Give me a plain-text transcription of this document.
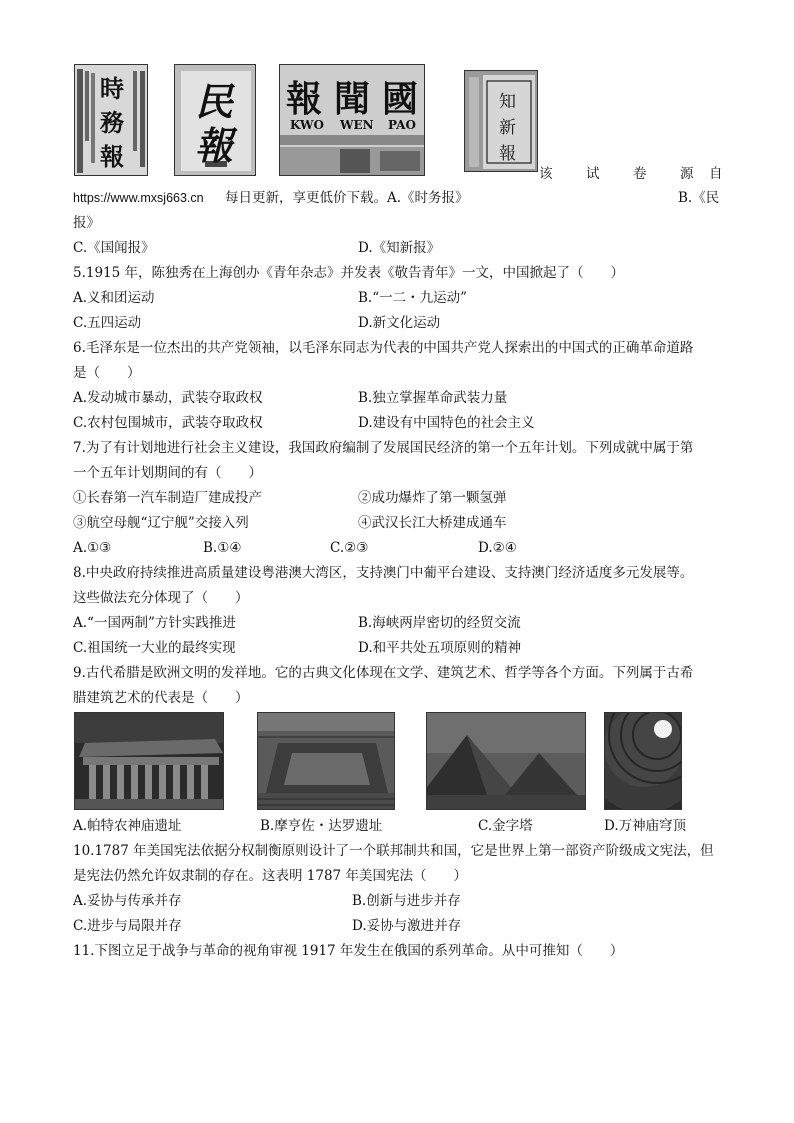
時
務
報
民
報
報 聞 國
KWO WEN PAO
知
新
報
该 试 卷 源 自
https://www.mxsj663.cn 每日更新，享更低价下载。A.《时务报》	B.《民
报》
C.《国闻报》	D.《知新报》
5.1915 年，陈独秀在上海创办《青年杂志》并发表《敬告青年》一文，中国掀起了（　　）
A.义和团运动	B.“一二・九运动”
C.五四运动	D.新文化运动
6.毛泽东是一位杰出的共产党领袖，以毛泽东同志为代表的中国共产党人探索出的中国式的正确革命道路
是（　　）
A.发动城市暴动，武装夺取政权	B.独立掌握革命武装力量
C.农村包围城市，武装夺取政权	D.建设有中国特色的社会主义
7.为了有计划地进行社会主义建设，我国政府编制了发展国民经济的第一个五年计划。下列成就中属于第
一个五年计划期间的有（　　）
①长春第一汽车制造厂建成投产	②成功爆炸了第一颗氢弹
③航空母舰“辽宁舰”交接入列	④武汉长江大桥建成通车
A.①③	B.①④	C.②③	D.②④
8.中央政府持续推进高质量建设粤港澳大湾区，支持澳门中葡平台建设、支持澳门经济适度多元发展等。
这些做法充分体现了（　　）
A.“一国两制”方针实践推进	B.海峡两岸密切的经贸交流
C.祖国统一大业的最终实现	D.和平共处五项原则的精神
9.古代希腊是欧洲文明的发祥地。它的古典文化体现在文学、建筑艺术、哲学等各个方面。下列属于古希
腊建筑艺术的代表是（　　）
A.帕特农神庙遗址	B.摩亨佐・达罗遗址	C.金字塔	D.万神庙穹顶
10.1787 年美国宪法依据分权制衡原则设计了一个联邦制共和国，它是世界上第一部资产阶级成文宪法，但
是宪法仍然允许奴隶制的存在。这表明 1787 年美国宪法（　　）
A.妥协与传承并存	B.创新与进步并存
C.进步与局限并存	D.妥协与激进并存
11.下图立足于战争与革命的视角审视 1917 年发生在俄国的系列革命。从中可推知（　　）
